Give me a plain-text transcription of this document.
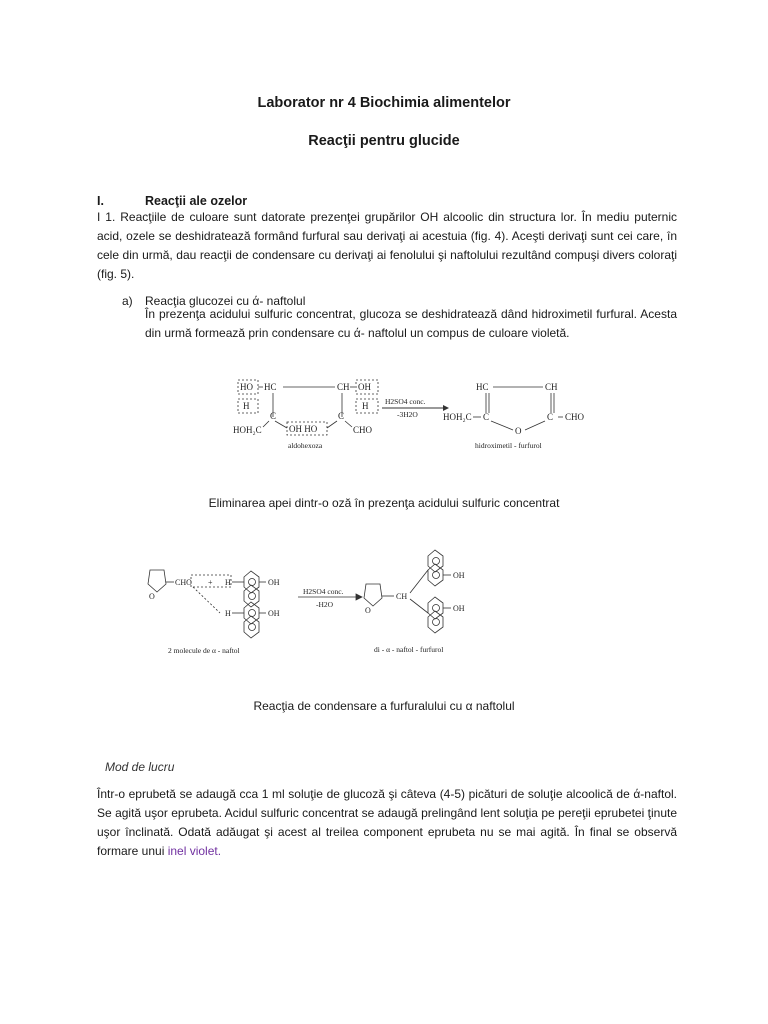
Laborator nr 4 Biochimia alimentelor
Reacţii pentru glucide
I.	Reacţii ale ozelor
I 1. Reacţiile de culoare sunt datorate prezenţei grupărilor OH alcoolic din structura lor. În mediu puternic acid, ozele se deshidratează formând furfural sau derivaţi ai acestuia (fig. 4). Aceşti derivaţi sunt cei care, în cele din urmă, dau reacţii de condensare cu derivaţi ai fenolului şi naftolului rezultând compuşi divers coloraţi (fig. 5).
a) Reacţia glucozei cu ά- naftolul
În prezenţa acidului sulfuric concentrat, glucoza se deshidratează dând hidroximetil furfural. Acesta din urmă formează prin condensare cu ά- naftolul un compus de culoare violetă.
HO HC	CH OH
H	H
C	C
HOH₂C	OH HO	CHO
aldohexoza
H2SO4 conc.
-3H2O
HC	CH
HOH₂C C	C CHO
O
hidroximetil - furfurol
Eliminarea apei dintr-o oză în prezenţa acidului sulfuric concentrat
O
CHO + H	OH
H	OH
2 molecule de α - naftol
H2SO4 conc.
-H2O
O
CH
OH
OH
di - α - naftol - furfurol
Reacţia de condensare a furfuralului cu α naftolul
Mod de lucru
Într-o eprubetă se adaugă cca 1 ml soluţie de glucoză şi câteva (4-5) picături de soluţie alcoolică de ά-naftol. Se agită uşor eprubeta. Acidul sulfuric concentrat se adaugă prelingând lent soluţia pe pereţii eprubetei ţinute uşor înclinată. Odată adăugat şi acest al treilea component eprubeta nu se mai agită. În final se observă formare unui inel violet.
